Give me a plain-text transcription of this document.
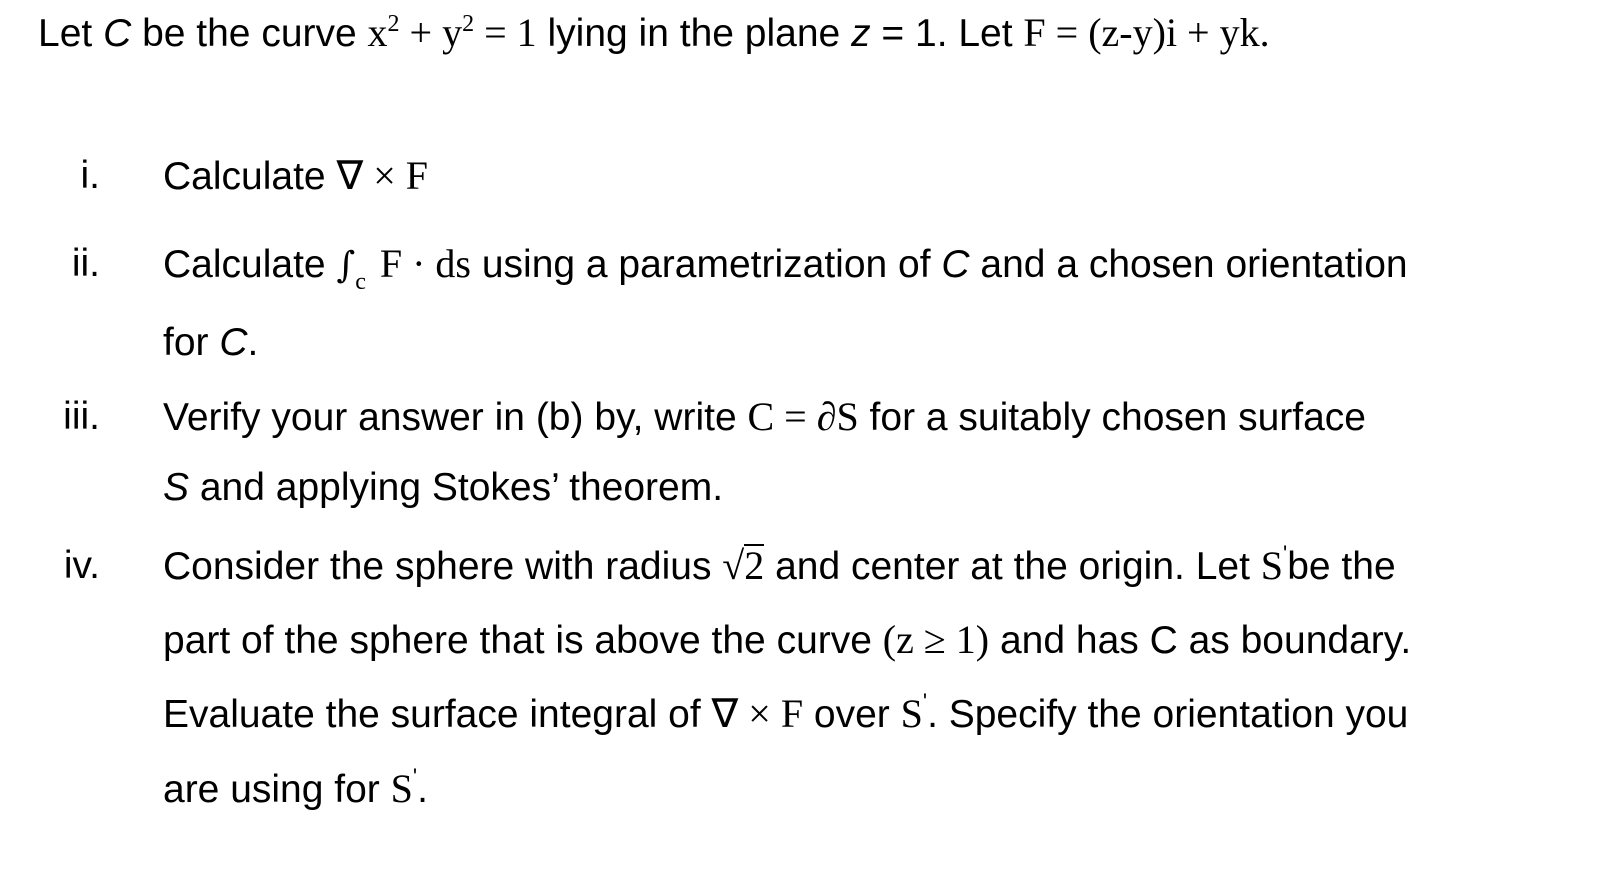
Let C be the curve $x^2 + y^2 = 1$ lying in the plane z = 1. Let F = (z-y)i + yk.
i. Calculate ∇ × F
ii. Calculate $\int_c$ F · ds using a parametrization of C and a chosen orientation
for C.
iii. Verify your answer in (b) by, write C = ∂S for a suitably chosen surface
S and applying Stokes’ theorem.
iv. Consider the sphere with radius √2 and center at the origin. Let S'be the
part of the sphere that is above the curve (z ≥ 1) and has C as boundary.
Evaluate the surface integral of ∇ × F over S'. Specify the orientation you
are using for S'.
